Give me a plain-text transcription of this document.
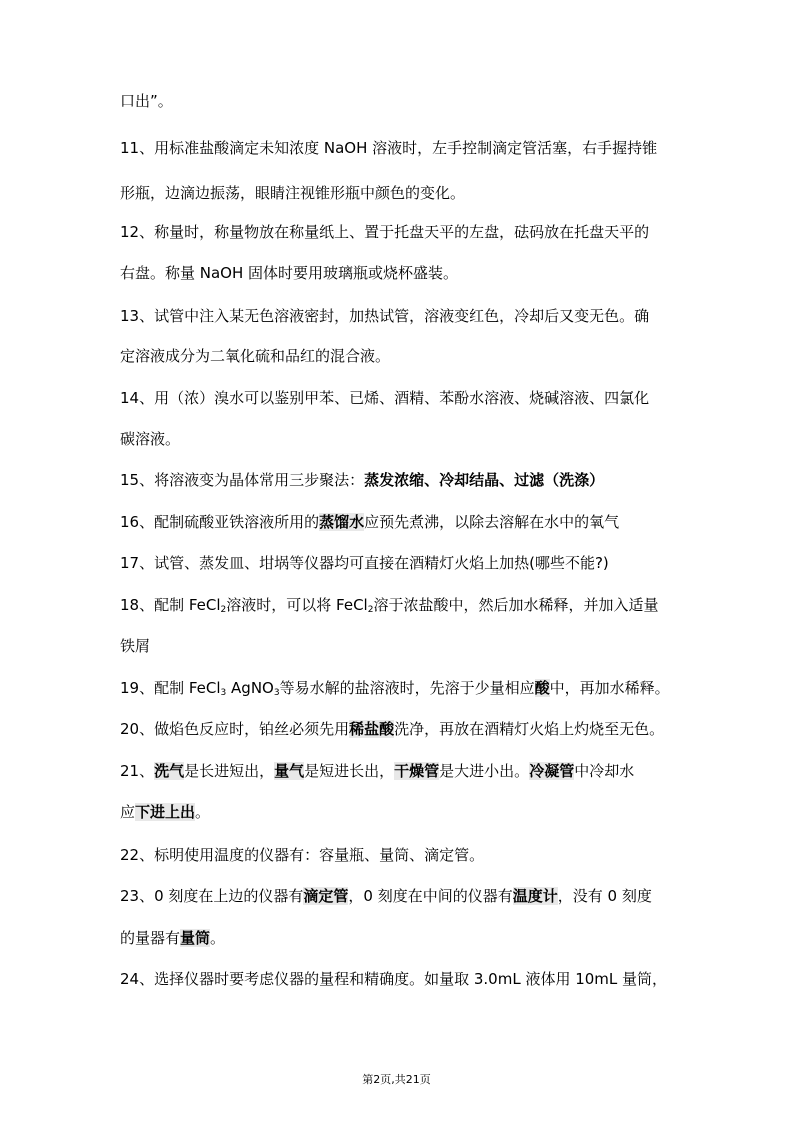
口出”。
11、用标准盐酸滴定未知浓度 NaOH 溶液时，左手控制滴定管活塞，右手握持锥
形瓶，边滴边振荡，眼睛注视锥形瓶中颜色的变化。
12、称量时，称量物放在称量纸上、置于托盘天平的左盘，砝码放在托盘天平的
右盘。称量 NaOH 固体时要用玻璃瓶或烧杯盛装。
13、试管中注入某无色溶液密封，加热试管，溶液变红色，冷却后又变无色。确
定溶液成分为二氧化硫和品红的混合液。
14、用（浓）溴水可以鉴别甲苯、已烯、酒精、苯酚水溶液、烧碱溶液、四氯化
碳溶液。
15、将溶液变为晶体常用三步聚法：蒸发浓缩、冷却结晶、过滤（洗涤）
16、配制硫酸亚铁溶液所用的蒸馏水应预先煮沸，以除去溶解在水中的氧气
17、试管、蒸发皿、坩埚等仪器均可直接在酒精灯火焰上加热(哪些不能?)
18、配制 FeCl$_2$溶液时，可以将 FeCl$_2$溶于浓盐酸中，然后加水稀释，并加入适量
铁屑
19、配制 FeCl$_3$ AgNO$_3$等易水解的盐溶液时，先溶于少量相应酸中，再加水稀释。
20、做焰色反应时，铂丝必须先用稀盐酸洗净，再放在酒精灯火焰上灼烧至无色。
21、洗气是长进短出，量气是短进长出，干燥管是大进小出。冷凝管中冷却水
应下进上出。
22、标明使用温度的仪器有：容量瓶、量筒、滴定管。
23、0 刻度在上边的仪器有滴定管，0 刻度在中间的仪器有温度计，没有 0 刻度
的量器有量筒。
24、选择仪器时要考虑仪器的量程和精确度。如量取 3.0mL 液体用 10mL 量筒，
第2页,共21页
